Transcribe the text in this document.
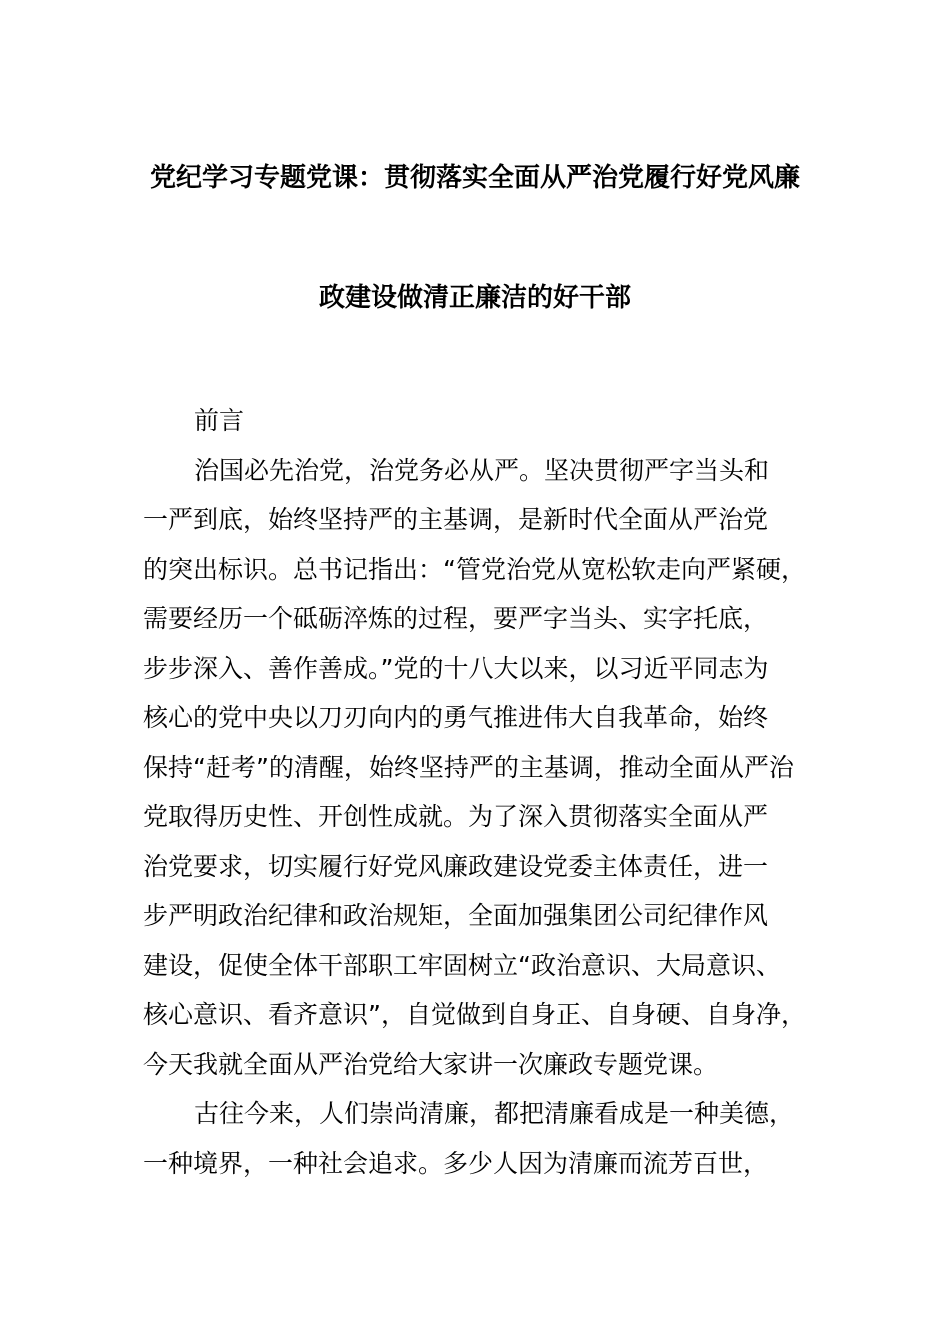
党纪学习专题党课：贯彻落实全面从严治党履行好党风廉
政建设做清正廉洁的好干部
前言
治国必先治党，治党务必从严。坚决贯彻严字当头和
一严到底，始终坚持严的主基调，是新时代全面从严治党
的突出标识。总书记指出：“管党治党从宽松软走向严紧硬，
需要经历一个砥砺淬炼的过程，要严字当头、实字托底，
步步深入、善作善成。”党的十八大以来，以习近平同志为
核心的党中央以刀刃向内的勇气推进伟大自我革命，始终
保持“赶考”的清醒，始终坚持严的主基调，推动全面从严治
党取得历史性、开创性成就。为了深入贯彻落实全面从严
治党要求，切实履行好党风廉政建设党委主体责任，进一
步严明政治纪律和政治规矩，全面加强集团公司纪律作风
建设，促使全体干部职工牢固树立“政治意识、大局意识、
核心意识、看齐意识”，自觉做到自身正、自身硬、自身净，
今天我就全面从严治党给大家讲一次廉政专题党课。
古往今来，人们崇尚清廉，都把清廉看成是一种美德，
一种境界，一种社会追求。多少人因为清廉而流芳百世，
